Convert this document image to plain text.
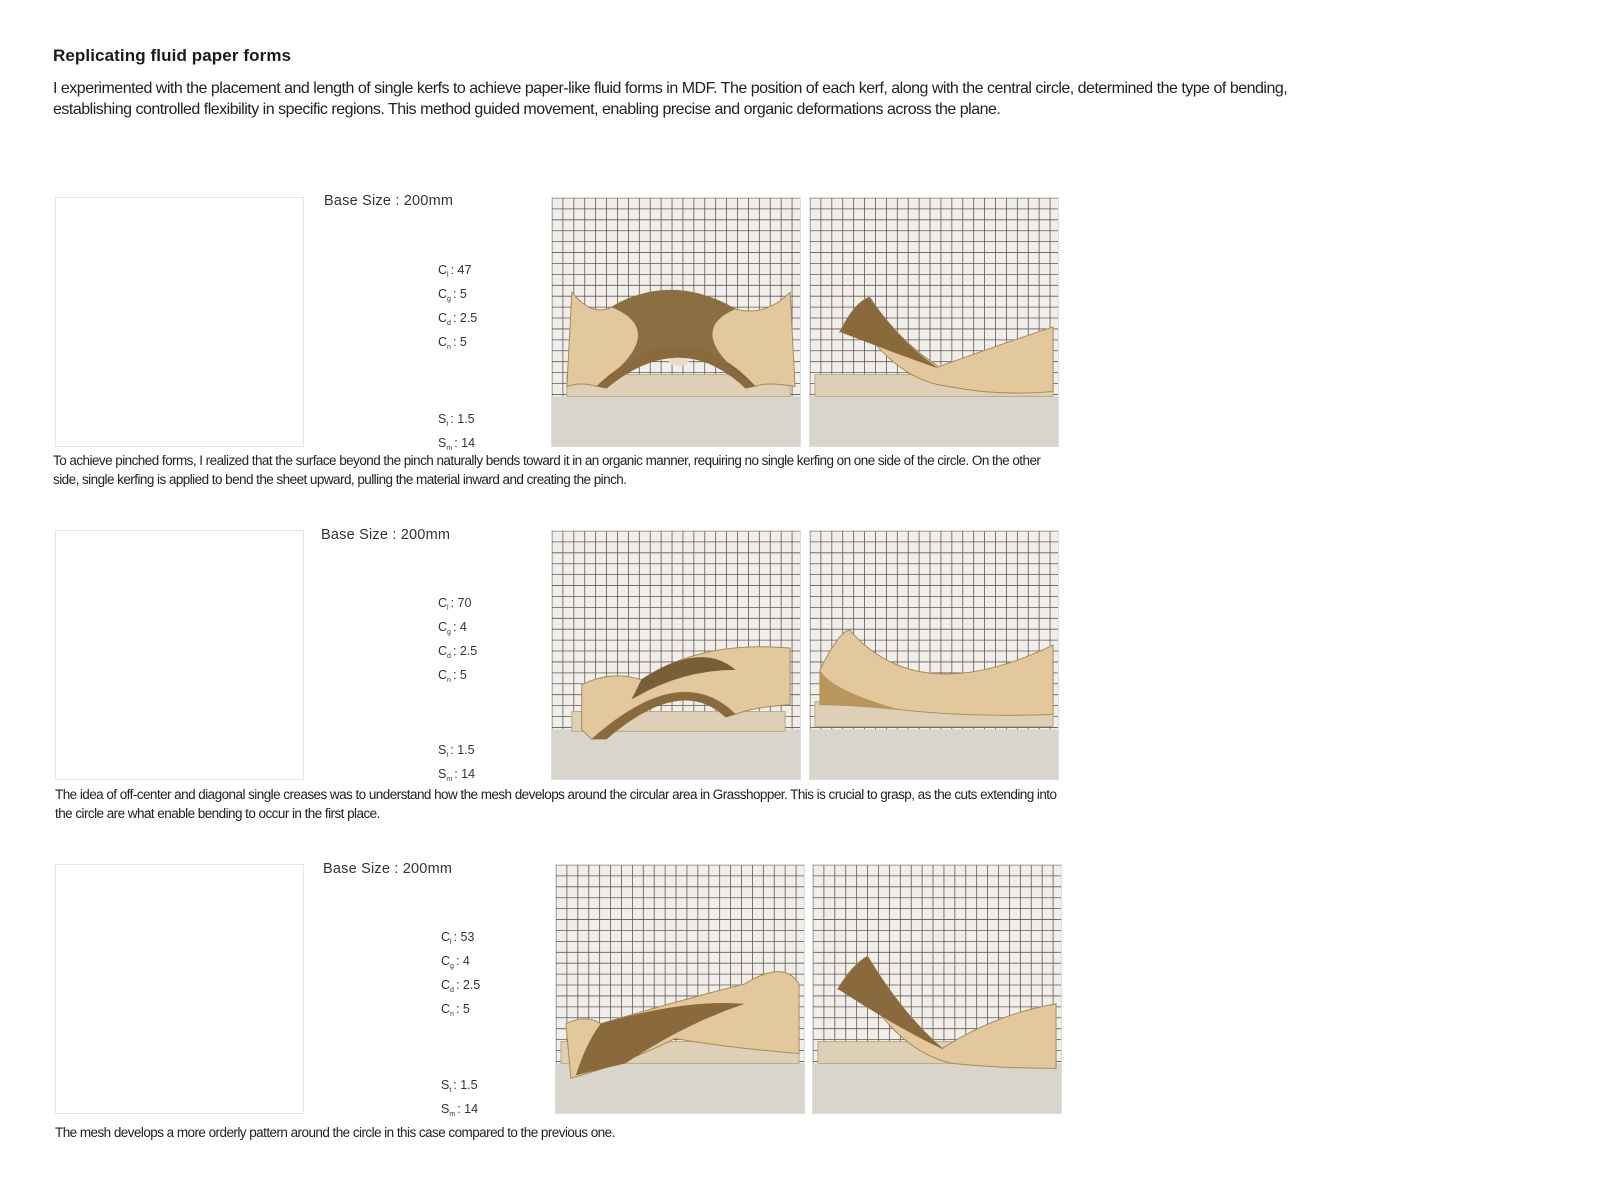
Replicating fluid paper forms
I experimented with the placement and length of single kerfs to achieve paper-like fluid forms in MDF. The position of each kerf, along with the central circle, determined the type of bending, establishing controlled flexibility in specific regions. This method guided movement, enabling precise and organic deformations across the plane.
Base Size : 200mm
$C_l$ : 47
$C_g$ : 5
$C_d$ : 2.5
$C_n$ : 5
$S_t$ : 1.5
$S_m$ : 14
To achieve pinched forms, I realized that the surface beyond the pinch naturally bends toward it in an organic manner, requiring no single kerfing on one side of the circle. On the other side, single kerfing is applied to bend the sheet upward, pulling the material inward and creating the pinch.
Base Size : 200mm
$C_l$ : 70
$C_g$ : 4
$C_d$ : 2.5
$C_n$ : 5
$S_t$ : 1.5
$S_m$ : 14
The idea of off-center and diagonal single creases was to understand how the mesh develops around the circular area in Grasshopper. This is crucial to grasp, as the cuts extending into the circle are what enable bending to occur in the first place.
Base Size : 200mm
$C_l$ : 53
$C_g$ : 4
$C_d$ : 2.5
$C_n$ : 5
$S_t$ : 1.5
$S_m$ : 14
The mesh develops a more orderly pattern around the circle in this case compared to the previous one.
